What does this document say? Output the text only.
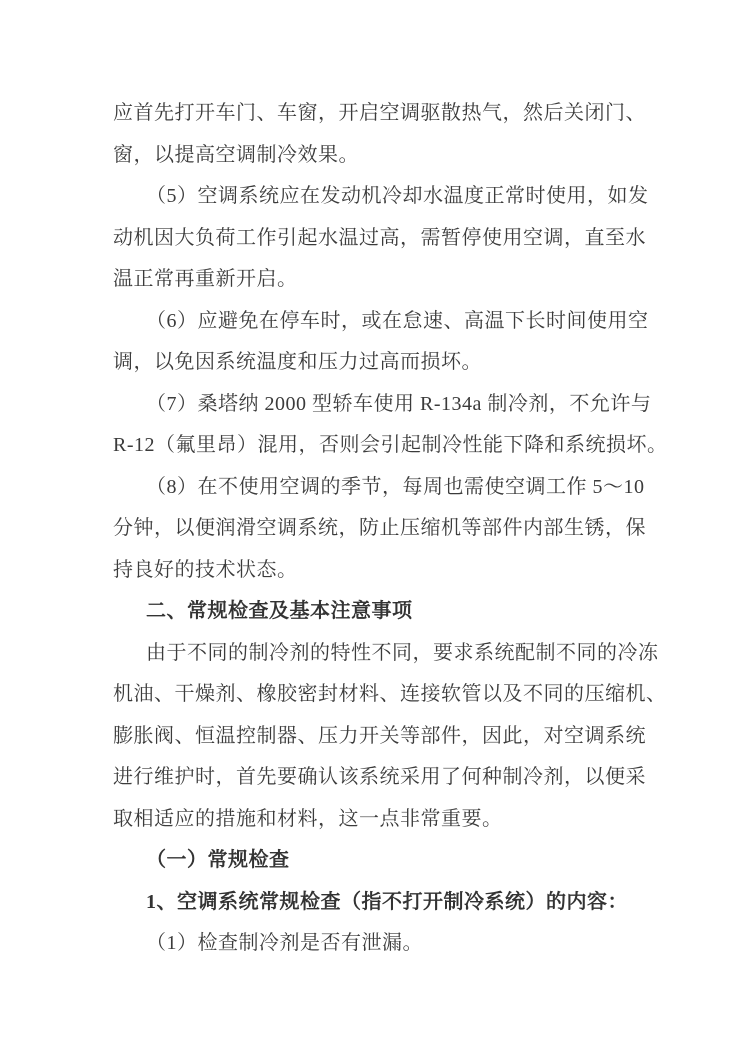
应首先打开车门、车窗，开启空调驱散热气，然后关闭门、
窗，以提高空调制冷效果。
（5）空调系统应在发动机冷却水温度正常时使用，如发
动机因大负荷工作引起水温过高，需暂停使用空调，直至水
温正常再重新开启。
（6）应避免在停车时，或在怠速、高温下长时间使用空
调，以免因系统温度和压力过高而损坏。
（7）桑塔纳 2000 型轿车使用 R-134a 制冷剂，不允许与
R-12（氟里昂）混用，否则会引起制冷性能下降和系统损坏。
（8）在不使用空调的季节，每周也需使空调工作 5～10
分钟，以便润滑空调系统，防止压缩机等部件内部生锈，保
持良好的技术状态。
二、常规检查及基本注意事项
由于不同的制冷剂的特性不同，要求系统配制不同的冷冻
机油、干燥剂、橡胶密封材料、连接软管以及不同的压缩机、
膨胀阀、恒温控制器、压力开关等部件，因此，对空调系统
进行维护时，首先要确认该系统采用了何种制冷剂，以便采
取相适应的措施和材料，这一点非常重要。
（一）常规检查
1、空调系统常规检查（指不打开制冷系统）的内容：
（1）检查制冷剂是否有泄漏。
